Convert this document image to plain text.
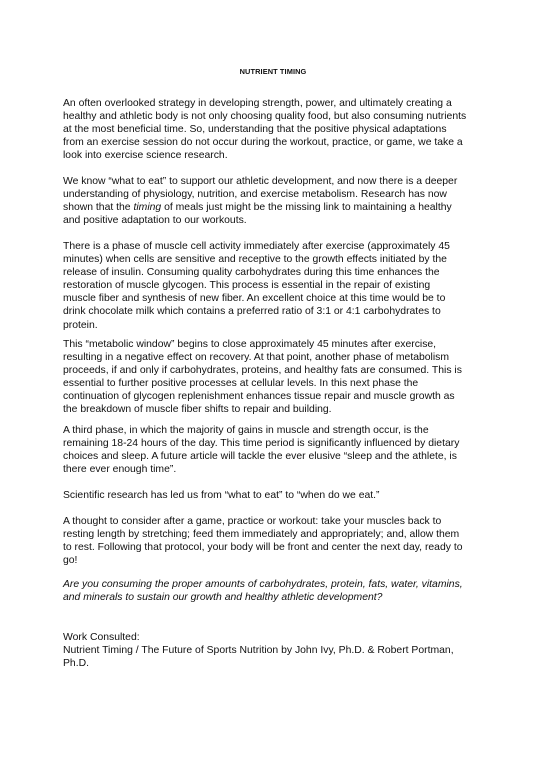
NUTRIENT TIMING

An often overlooked strategy in developing strength, power, and ultimately creating a
healthy and athletic body is not only choosing quality food, but also consuming nutrients
at the most beneficial time. So, understanding that the positive physical adaptations
from an exercise session do not occur during the workout, practice, or game, we take a
look into exercise science research.

We know “what to eat” to support our athletic development, and now there is a deeper
understanding of physiology, nutrition, and exercise metabolism. Research has now
shown that the timing of meals just might be the missing link to maintaining a healthy
and positive adaptation to our workouts.

There is a phase of muscle cell activity immediately after exercise (approximately 45
minutes) when cells are sensitive and receptive to the growth effects initiated by the
release of insulin. Consuming quality carbohydrates during this time enhances the
restoration of muscle glycogen. This process is essential in the repair of existing
muscle fiber and synthesis of new fiber. An excellent choice at this time would be to
drink chocolate milk which contains a preferred ratio of 3:1 or 4:1 carbohydrates to
protein.

This “metabolic window” begins to close approximately 45 minutes after exercise,
resulting in a negative effect on recovery. At that point, another phase of metabolism
proceeds, if and only if carbohydrates, proteins, and healthy fats are consumed. This is
essential to further positive processes at cellular levels. In this next phase the
continuation of glycogen replenishment enhances tissue repair and muscle growth as
the breakdown of muscle fiber shifts to repair and building.

A third phase, in which the majority of gains in muscle and strength occur, is the
remaining 18-24 hours of the day. This time period is significantly influenced by dietary
choices and sleep. A future article will tackle the ever elusive “sleep and the athlete, is
there ever enough time”.

Scientific research has led us from “what to eat” to “when do we eat.”

A thought to consider after a game, practice or workout: take your muscles back to
resting length by stretching; feed them immediately and appropriately; and, allow them
to rest. Following that protocol, your body will be front and center the next day, ready to
go!

Are you consuming the proper amounts of carbohydrates, protein, fats, water, vitamins,
and minerals to sustain our growth and healthy athletic development?

Work Consulted:
Nutrient Timing / The Future of Sports Nutrition by John Ivy, Ph.D. & Robert Portman,
Ph.D.
